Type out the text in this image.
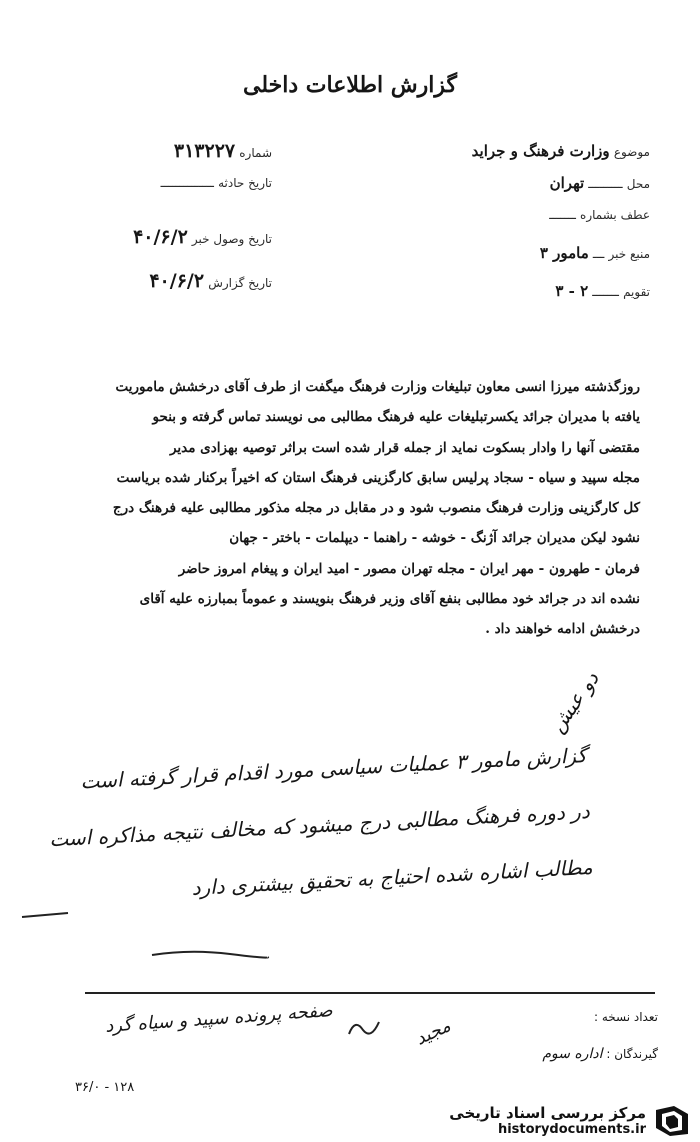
گزارش اطلاعات داخلی
موضوع وزارت فرهنگ و جراید
محل ـــــــــ تهران
عطف بشماره ـــــــ
منبع خبر ـــ مامور ۳
تقویم ـــــــ ۲ - ۳
شماره ۳۱۳۲۲۷
تاریخ حادثه ــــــــــــــ
تاریخ وصول خبر ۴۰/۶/۲
تاریخ گزارش ۴۰/۶/۲
روزگذشته میرزا انسی معاون تبلیغات وزارت فرهنگ میگفت از طرف آقای درخشش ماموریت
یافته با مدیران جرائد یکسرتبلیغات علیه فرهنگ مطالبی می نویسند تماس گرفته و بنحو
مقتضی آنها را وادار بسکوت نماید از جمله قرار شده است براثر توصیه بهزادی مدیر
مجله سپید و سیاه - سجاد پرلیس سابق کارگزینی فرهنگ استان که اخیراً برکنار شده بریاست
کل کارگزینی وزارت فرهنگ منصوب شود و در مقابل در مجله مذکور مطالبی علیه فرهنگ درج
نشود لیکن مدیران جرائد آژنگ - خوشه - راهنما - دیپلمات - باختر - جهان
فرمان - طهرون - مهر ایران - مجله تهران مصور - امید ایران و پیغام امروز حاضر
نشده اند در جرائد خود مطالبی بنفع آقای وزیر فرهنگ بنویسند و عموماً بمبارزه علیه آقای
درخشش ادامه خواهند داد .
دو عیش
گزارش مامور ۳ عملیات سیاسی مورد اقدام قرار گرفته است
در دوره فرهنگ مطالبی درج میشود که مخالف نتیجه مذاکره است
مطالب اشاره شده احتیاج به تحقیق بیشتری دارد
تعداد نسخه :
گیرندگان : اداره سوم
صفحه پرونده سپید و سیاه گرد	مجید
۱۲۸ - ۳۶/۰
مرکز بررسی اسناد تاریخی
historydocuments.ir
